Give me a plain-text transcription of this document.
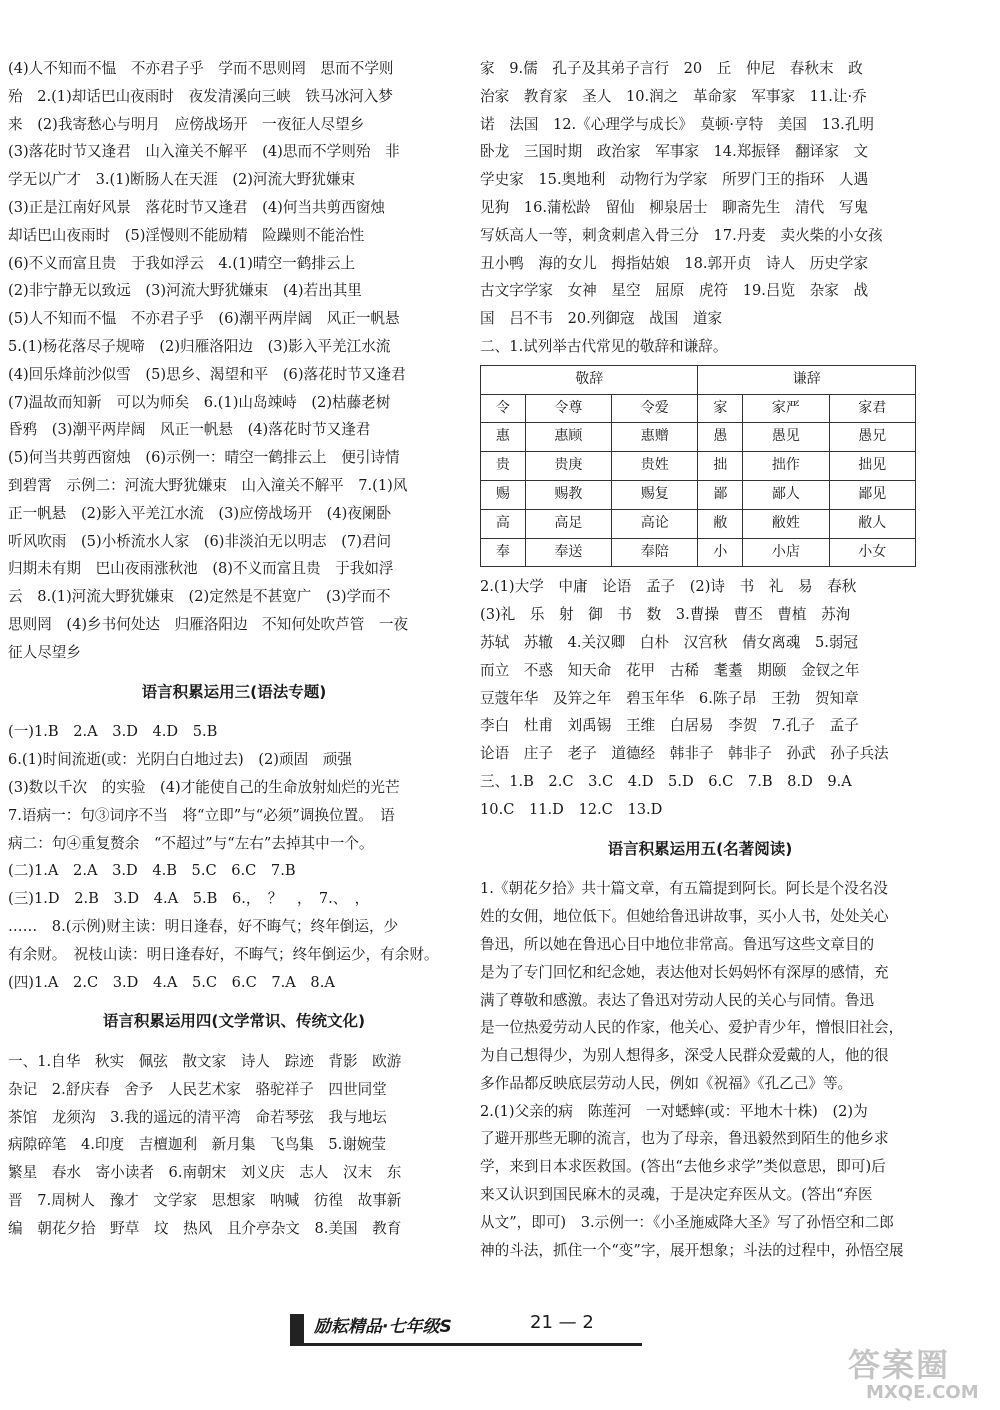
(4)人不知而不愠　不亦君子乎　学而不思则罔　思而不学则
殆　2.(1)却话巴山夜雨时　夜发清溪向三峡　铁马冰河入梦
来　(2)我寄愁心与明月　应傍战场开　一夜征人尽望乡
(3)落花时节又逢君　山入潼关不解平　(4)思而不学则殆　非
学无以广才　3.(1)断肠人在天涯　(2)河流大野犹嫌束
(3)正是江南好风景　落花时节又逢君　(4)何当共剪西窗烛
却话巴山夜雨时　(5)淫慢则不能励精　险躁则不能治性
(6)不义而富且贵　于我如浮云　4.(1)晴空一鹤排云上
(2)非宁静无以致远　(3)河流大野犹嫌束　(4)若出其里
(5)人不知而不愠　不亦君子乎　(6)潮平两岸阔　风正一帆悬
5.(1)杨花落尽子规啼　(2)归雁洛阳边　(3)影入平羌江水流
(4)回乐烽前沙似雪　(5)思乡、渴望和平　(6)落花时节又逢君
(7)温故而知新　可以为师矣　6.(1)山岛竦峙　(2)枯藤老树
昏鸦　(3)潮平两岸阔　风正一帆悬　(4)落花时节又逢君
(5)何当共剪西窗烛　(6)示例一：晴空一鹤排云上　便引诗情
到碧霄　示例二：河流大野犹嫌束　山入潼关不解平　7.(1)风
正一帆悬　(2)影入平羌江水流　(3)应傍战场开　(4)夜阑卧
听风吹雨　(5)小桥流水人家　(6)非淡泊无以明志　(7)君问
归期未有期　巴山夜雨涨秋池　(8)不义而富且贵　于我如浮
云　8.(1)河流大野犹嫌束　(2)定然是不甚宽广　(3)学而不
思则罔　(4)乡书何处达　归雁洛阳边　不知何处吹芦管　一夜
征人尽望乡
语言积累运用三(语法专题)
(一)1.B　2.A　3.D　4.D　5.B
6.(1)时间流逝(或：光阴白白地过去)　(2)顽固　顽强
(3)数以千次　的实验　(4)才能使自己的生命放射灿烂的光芒
7.语病一：句③词序不当　将“立即”与“必须”调换位置。　语
病二：句④重复赘余　“不超过”与“左右”去掉其中一个。
(二)1.A　2.A　3.D　4.B　5.C　6.C　7.B
(三)1.D　2.B　3.D　4.A　5.B　6.，　？　，　7.、　，
……　8.(示例)财主读：明日逢春，好不晦气；终年倒运，少
有余财。　祝枝山读：明日逢春好，不晦气；终年倒运少，有余财。
(四)1.A　2.C　3.D　4.A　5.C　6.C　7.A　8.A
语言积累运用四(文学常识、传统文化)
一、1.自华　秋实　佩弦　散文家　诗人　踪迹　背影　欧游
杂记　2.舒庆春　舍予　人民艺术家　骆驼祥子　四世同堂
茶馆　龙须沟　3.我的遥远的清平湾　命若琴弦　我与地坛
病隙碎笔　4.印度　吉檀迦利　新月集　飞鸟集　5.谢婉莹
繁星　春水　寄小读者　6.南朝宋　刘义庆　志人　汉末　东
晋　7.周树人　豫才　文学家　思想家　呐喊　彷徨　故事新
编　朝花夕拾　野草　坟　热风　且介亭杂文　8.美国　教育
家　9.儒　孔子及其弟子言行　20　丘　仲尼　春秋末　政
治家　教育家　圣人　10.润之　革命家　军事家　11.让·乔
诺　法国　12.《心理学与成长》　莫顿·亨特　美国　13.孔明
卧龙　三国时期　政治家　军事家　14.郑振铎　翻译家　文
学史家　15.奥地利　动物行为学家　所罗门王的指环　人遇
见狗　16.蒲松龄　留仙　柳泉居士　聊斋先生　清代　写鬼
写妖高人一等，刺贪刺虐入骨三分　17.丹麦　卖火柴的小女孩
丑小鸭　海的女儿　拇指姑娘　18.郭开贞　诗人　历史学家
古文字学家　女神　星空　屈原　虎符　19.吕览　杂家　战
国　吕不韦　20.列御寇　战国　道家
二、1.试列举古代常见的敬辞和谦辞。
敬辞			谦辞		
令	令尊	令爱	家	家严	家君
惠	惠顾	惠赠	愚	愚见	愚兄
贵	贵庚	贵姓	拙	拙作	拙见
赐	赐教	赐复	鄙	鄙人	鄙见
高	高足	高论	敝	敝姓	敝人
奉	奉送	奉陪	小	小店	小女
2.(1)大学　中庸　论语　孟子　(2)诗　书　礼　易　春秋
(3)礼　乐　射　御　书　数　3.曹操　曹丕　曹植　苏洵
苏轼　苏辙　4.关汉卿　白朴　汉宫秋　倩女离魂　5.弱冠
而立　不惑　知天命　花甲　古稀　耄耋　期颐　金钗之年
豆蔻年华　及笄之年　碧玉年华　6.陈子昂　王勃　贺知章
李白　杜甫　刘禹锡　王维　白居易　李贺　7.孔子　孟子
论语　庄子　老子　道德经　韩非子　韩非子　孙武　孙子兵法
三、1.B　2.C　3.C　4.D　5.D　6.C　7.B　8.D　9.A
10.C　11.D　12.C　13.D
语言积累运用五(名著阅读)
1.《朝花夕拾》共十篇文章，有五篇提到阿长。阿长是个没名没
姓的女佣，地位低下。但她给鲁迅讲故事，买小人书，处处关心
鲁迅，所以她在鲁迅心目中地位非常高。鲁迅写这些文章目的
是为了专门回忆和纪念她，表达他对长妈妈怀有深厚的感情，充
满了尊敬和感激。表达了鲁迅对劳动人民的关心与同情。鲁迅
是一位热爱劳动人民的作家，他关心、爱护青少年，憎恨旧社会，
为自己想得少，为别人想得多，深受人民群众爱戴的人，他的很
多作品都反映底层劳动人民，例如《祝福》《孔乙己》等。
2.(1)父亲的病　陈莲河　一对蟋蟀(或：平地木十株)　(2)为
了避开那些无聊的流言，也为了母亲，鲁迅毅然到陌生的他乡求
学，来到日本求医救国。(答出“去他乡求学”类似意思，即可)后
来又认识到国民麻木的灵魂，于是决定弃医从文。(答出“弃医
从文”，即可)　3.示例一：《小圣施威降大圣》写了孙悟空和二郎
神的斗法，抓住一个“变”字，展开想象；斗法的过程中，孙悟空展
励耘精品·七年级S	21 — 2
答案圈
MXQE.COM
